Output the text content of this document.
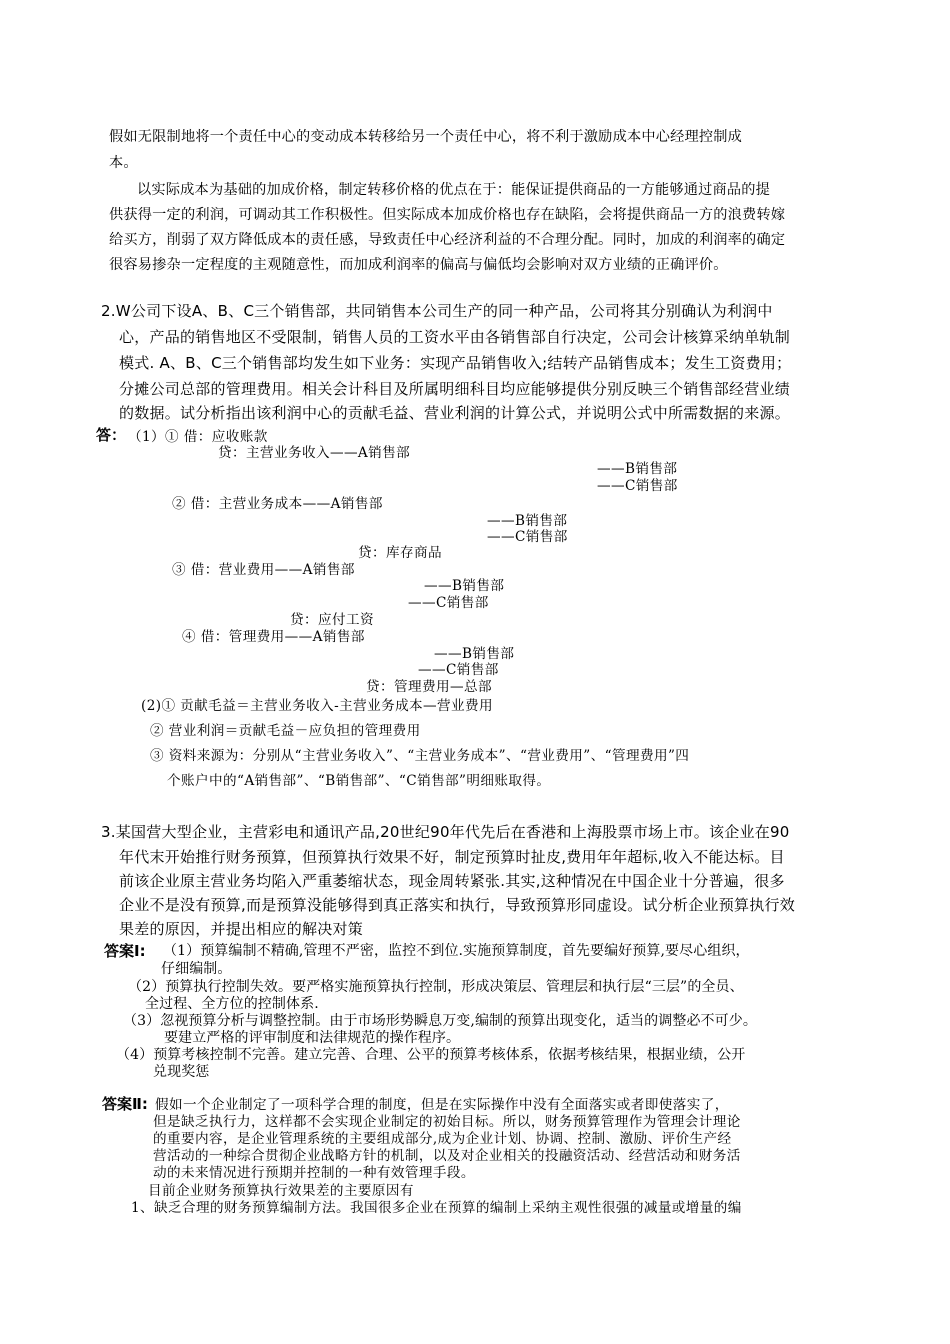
假如无限制地将一个责任中心的变动成本转移给另一个责任中心，将不利于激励成本中心经理控制成
本。
以实际成本为基础的加成价格，制定转移价格的优点在于：能保证提供商品的一方能够通过商品的提
供获得一定的利润，可调动其工作积极性。但实际成本加成价格也存在缺陷，会将提供商品一方的浪费转嫁
给买方，削弱了双方降低成本的责任感，导致责任中心经济利益的不合理分配。同时，加成的利润率的确定
很容易掺杂一定程度的主观随意性，而加成利润率的偏高与偏低均会影响对双方业绩的正确评价。
2.W公司下设A、B、C三个销售部，共同销售本公司生产的同一种产品，公司将其分别确认为利润中
心，产品的销售地区不受限制，销售人员的工资水平由各销售部自行决定，公司会计核算采纳单轨制
模式. A、B、C三个销售部均发生如下业务：实现产品销售收入;结转产品销售成本；发生工资费用；
分摊公司总部的管理费用。相关会计科目及所属明细科目均应能够提供分别反映三个销售部经营业绩
的数据。试分析指出该利润中心的贡献毛益、营业利润的计算公式，并说明公式中所需数据的来源。
答： （1）① 借：应收账款
贷：主营业务收入——A销售部
——B销售部
——C销售部
② 借：主营业务成本——A销售部
——B销售部
——C销售部
贷：库存商品
③ 借：营业费用——A销售部
——B销售部
——C销售部
贷：应付工资
④ 借：管理费用——A销售部
——B销售部
——C销售部
贷：管理费用—总部
(2)① 贡献毛益＝主营业务收入-主营业务成本—营业费用
② 营业利润＝贡献毛益－应负担的管理费用
③ 资料来源为：分别从“主营业务收入”、“主营业务成本”、“营业费用”、“管理费用”四
个账户中的“A销售部”、“B销售部”、“C销售部”明细账取得。
3.某国营大型企业，主营彩电和通讯产品,20世纪90年代先后在香港和上海股票市场上市。该企业在90
年代末开始推行财务预算，但预算执行效果不好，制定预算时扯皮,费用年年超标,收入不能达标。目
前该企业原主营业务均陷入严重萎缩状态，现金周转紧张.其实,这种情况在中国企业十分普遍，很多
企业不是没有预算,而是预算没能够得到真正落实和执行，导致预算形同虚设。试分析企业预算执行效
果差的原因，并提出相应的解决对策
答案Ⅰ: （1）预算编制不精确,管理不严密，监控不到位.实施预算制度，首先要编好预算,要尽心组织，
仔细编制。
（2）预算执行控制失效。要严格实施预算执行控制，形成决策层、管理层和执行层“三层”的全员、
全过程、全方位的控制体系.
（3）忽视预算分析与调整控制。由于市场形势瞬息万变,编制的预算出现变化，适当的调整必不可少。
要建立严格的评审制度和法律规范的操作程序。
（4）预算考核控制不完善。建立完善、合理、公平的预算考核体系，依据考核结果，根据业绩，公开
兑现奖惩
答案Ⅱ: 假如一个企业制定了一项科学合理的制度，但是在实际操作中没有全面落实或者即使落实了，
但是缺乏执行力，这样都不会实现企业制定的初始目标。所以，财务预算管理作为管理会计理论
的重要内容，是企业管理系统的主要组成部分,成为企业计划、协调、控制、激励、评价生产经
营活动的一种综合贯彻企业战略方针的机制，以及对企业相关的投融资活动、经营活动和财务活
动的未来情况进行预期并控制的一种有效管理手段。
目前企业财务预算执行效果差的主要原因有
1、缺乏合理的财务预算编制方法。我国很多企业在预算的编制上采纳主观性很强的减量或增量的编
